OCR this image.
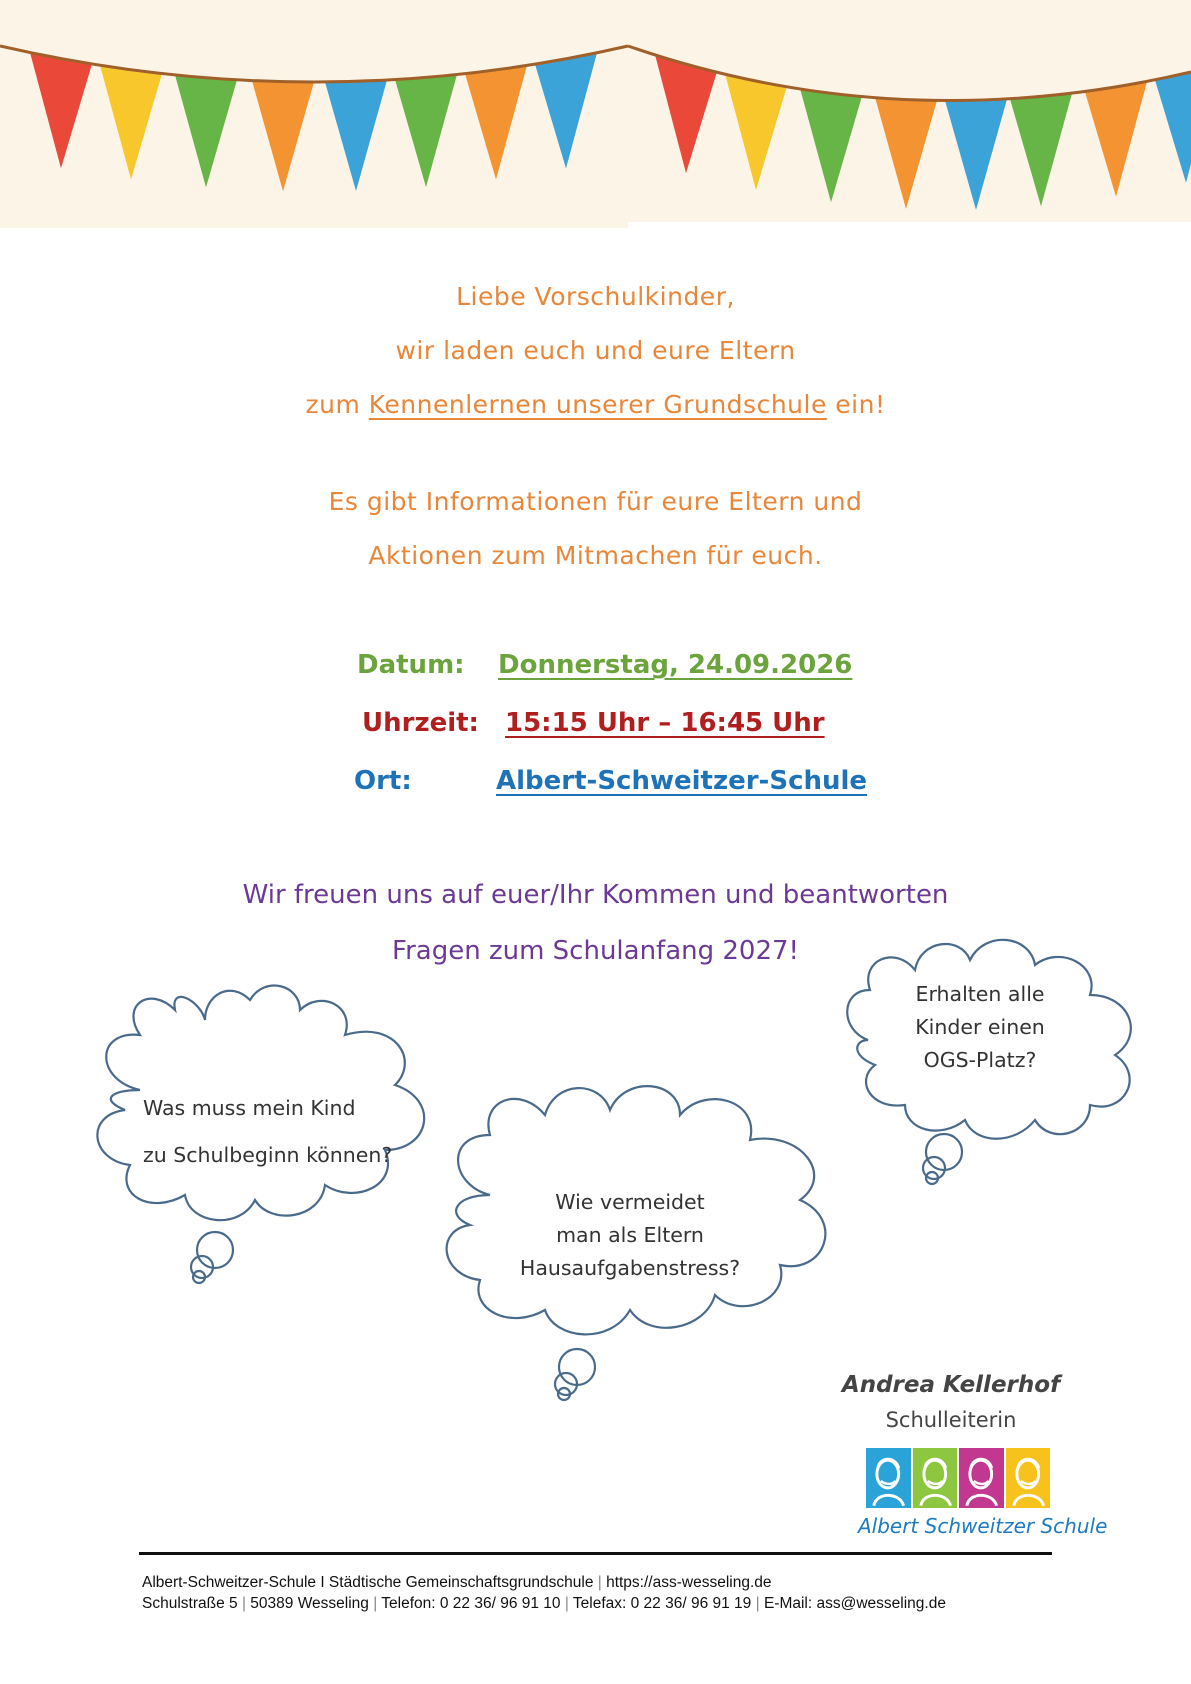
Liebe Vorschulkinder,
wir laden euch und eure Eltern
zum Kennenlernen unserer Grundschule ein!
Es gibt Informationen für eure Eltern und
Aktionen zum Mitmachen für euch.
Datum: Donnerstag, 24.09.2026
Uhrzeit: 15:15 Uhr – 16:45 Uhr
Ort:	Albert-Schweitzer-Schule
Wir freuen uns auf euer/Ihr Kommen und beantworten
Fragen zum Schulanfang 2027!
Was muss mein Kind
zu Schulbeginn können?
Wie vermeidet
man als Eltern
Hausaufgabenstress?
Erhalten alle
Kinder einen
OGS-Platz?
Andrea Kellerhof
Schulleiterin
Albert Schweitzer Schule
Albert-Schweitzer-Schule I Städtische Gemeinschaftsgrundschule | https://ass-wesseling.de
Schulstraße 5 | 50389 Wesseling | Telefon: 0 22 36/ 96 91 10 | Telefax: 0 22 36/ 96 91 19 | E-Mail: ass@wesseling.de
